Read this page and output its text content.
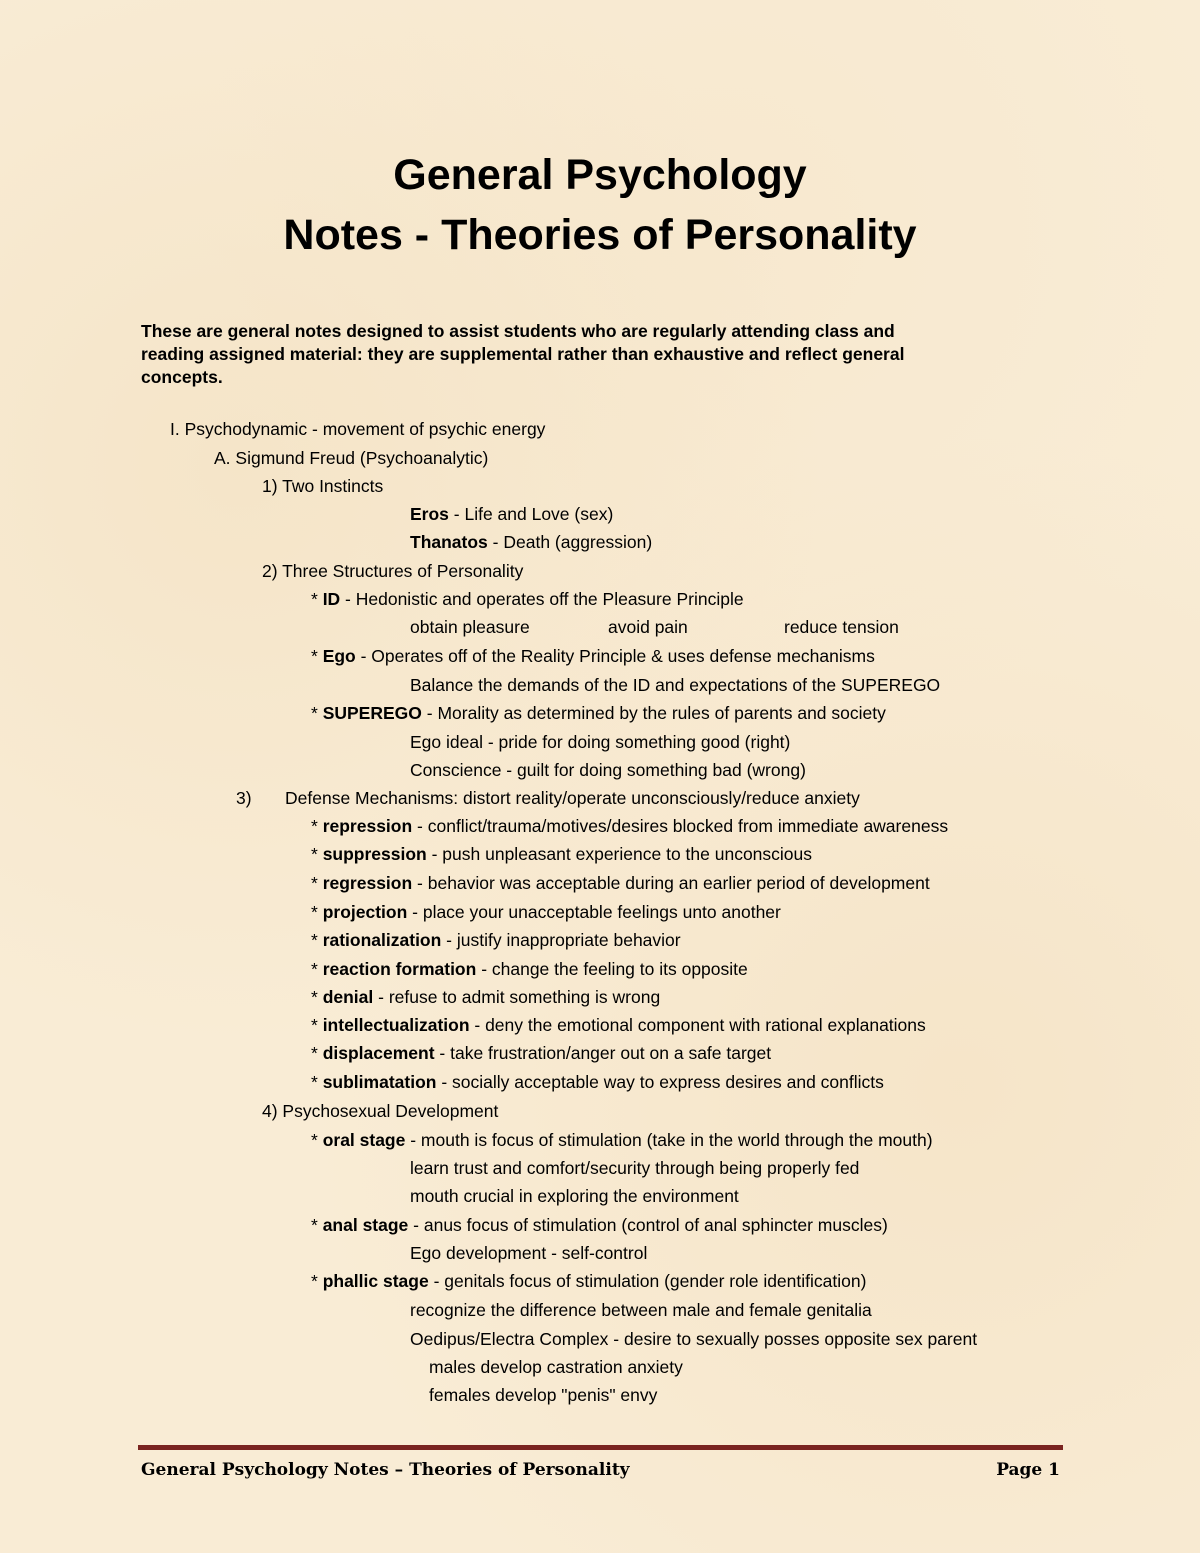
General Psychology
Notes - Theories of Personality
These are general notes designed to assist students who are regularly attending class and
reading assigned material: they are supplemental rather than exhaustive and reflect general
concepts.
I. Psychodynamic - movement of psychic energy
A. Sigmund Freud (Psychoanalytic)
1) Two Instincts
Eros - Life and Love (sex)
Thanatos - Death (aggression)
2) Three Structures of Personality
* ID - Hedonistic and operates off the Pleasure Principle
obtain pleasure	avoid pain	reduce tension
* Ego - Operates off of the Reality Principle & uses defense mechanisms
Balance the demands of the ID and expectations of the SUPEREGO
* SUPEREGO - Morality as determined by the rules of parents and society
Ego ideal - pride for doing something good (right)
Conscience - guilt for doing something bad (wrong)
3) Defense Mechanisms: distort reality/operate unconsciously/reduce anxiety
* repression - conflict/trauma/motives/desires blocked from immediate awareness
* suppression - push unpleasant experience to the unconscious
* regression - behavior was acceptable during an earlier period of development
* projection - place your unacceptable feelings unto another
* rationalization - justify inappropriate behavior
* reaction formation - change the feeling to its opposite
* denial - refuse to admit something is wrong
* intellectualization - deny the emotional component with rational explanations
* displacement - take frustration/anger out on a safe target
* sublimatation - socially acceptable way to express desires and conflicts
4) Psychosexual Development
* oral stage - mouth is focus of stimulation (take in the world through the mouth)
learn trust and comfort/security through being properly fed
mouth crucial in exploring the environment
* anal stage - anus focus of stimulation (control of anal sphincter muscles)
Ego development - self-control
* phallic stage - genitals focus of stimulation (gender role identification)
recognize the difference between male and female genitalia
Oedipus/Electra Complex - desire to sexually posses opposite sex parent
males develop castration anxiety
females develop "penis" envy
General Psychology Notes – Theories of Personality	Page 1
